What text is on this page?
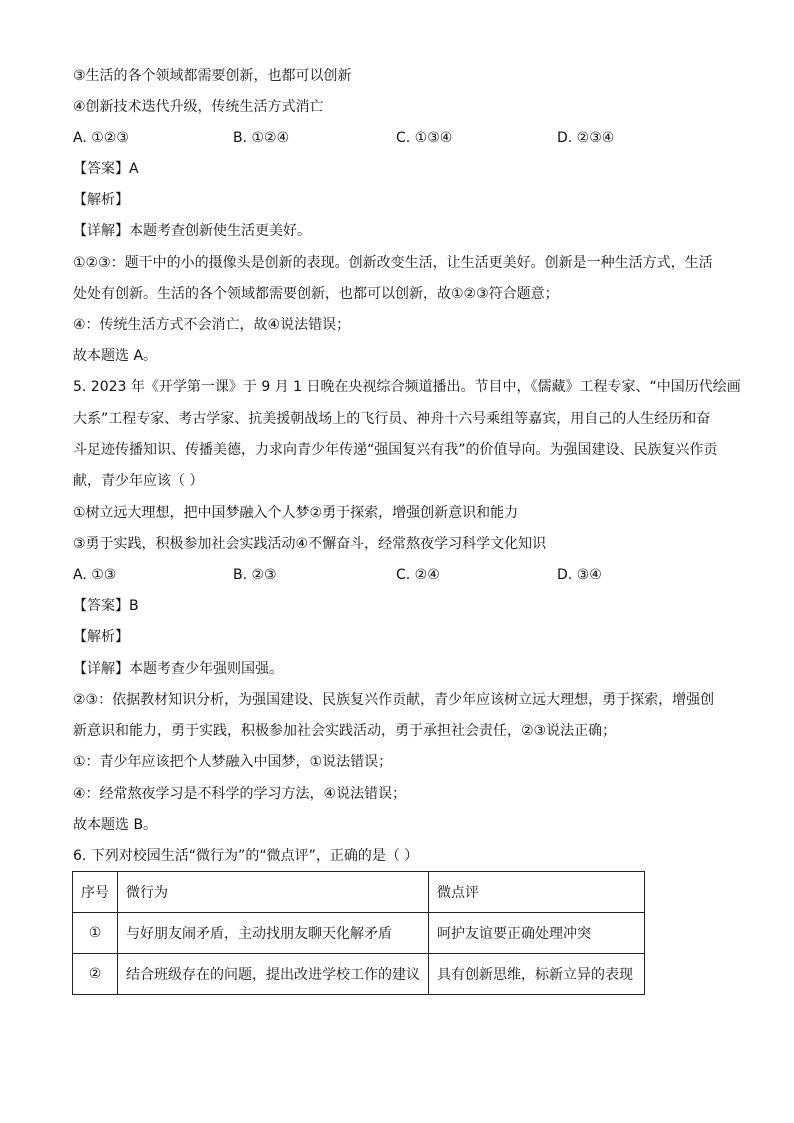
③生活的各个领域都需要创新，也都可以创新
④创新技术迭代升级，传统生活方式消亡
A. ①②③	B. ①②④	C. ①③④	D. ②③④
【答案】A
【解析】
【详解】本题考查创新使生活更美好。
①②③：题干中的小的摄像头是创新的表现。创新改变生活，让生活更美好。创新是一种生活方式，生活
处处有创新。生活的各个领域都需要创新，也都可以创新，故①②③符合题意；
④：传统生活方式不会消亡，故④说法错误；
故本题选 A。
5. 2023 年《开学第一课》于 9 月 1 日晚在央视综合频道播出。节目中，《儒藏》工程专家、“中国历代绘画
大系”工程专家、考古学家、抗美援朝战场上的飞行员、神舟十六号乘组等嘉宾，用自己的人生经历和奋
斗足迹传播知识、传播美德，力求向青少年传递“强国复兴有我”的价值导向。为强国建设、民族复兴作贡
献，青少年应该（ ）
①树立远大理想，把中国梦融入个人梦②勇于探索，增强创新意识和能力
③勇于实践，积极参加社会实践活动④不懈奋斗，经常熬夜学习科学文化知识
A. ①③	B. ②③	C. ②④	D. ③④
【答案】B
【解析】
【详解】本题考查少年强则国强。
②③：依据教材知识分析，为强国建设、民族复兴作贡献，青少年应该树立远大理想，勇于探索，增强创
新意识和能力，勇于实践，积极参加社会实践活动，勇于承担社会责任，②③说法正确；
①：青少年应该把个人梦融入中国梦，①说法错误；
④：经常熬夜学习是不科学的学习方法，④说法错误；
故本题选 B。
6. 下列对校园生活“微行为”的“微点评”，正确的是（ ）
序号	微行为	微点评
①	与好朋友闹矛盾，主动找朋友聊天化解矛盾	呵护友谊要正确处理冲突
②	结合班级存在的问题，提出改进学校工作的建议	具有创新思维，标新立异的表现
